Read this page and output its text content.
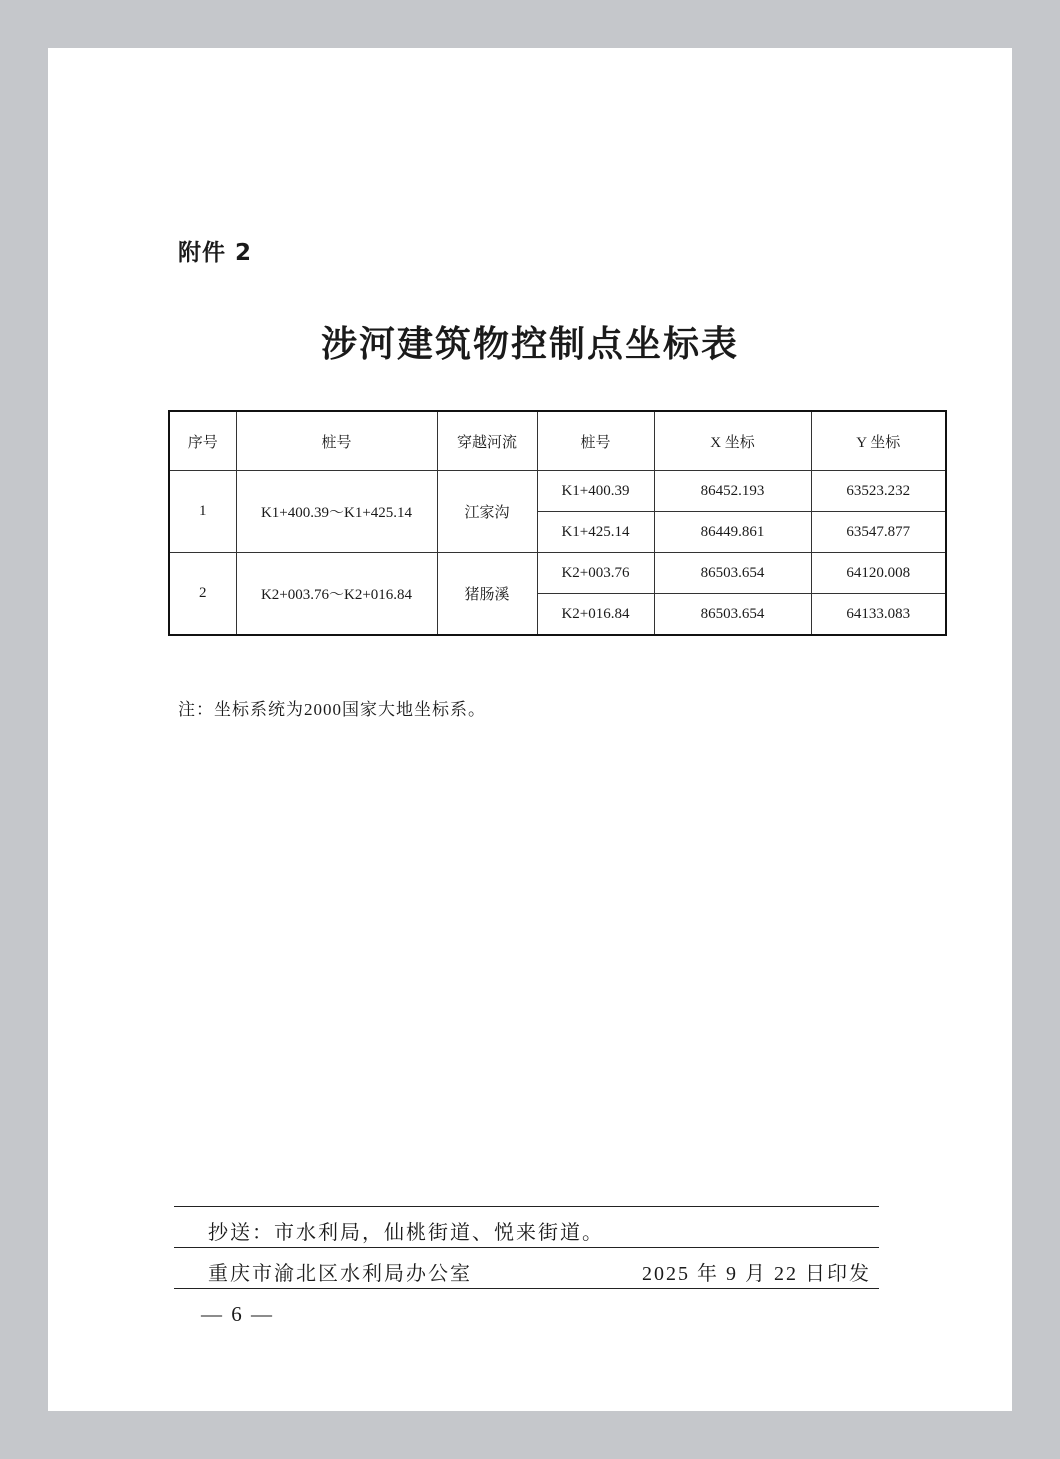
附件 2
涉河建筑物控制点坐标表
序号	桩号	穿越河流	桩号	X 坐标	Y 坐标
1	K1+400.39～K1+425.14	江家沟	K1+400.39	86452.193	63523.232
			K1+425.14	86449.861	63547.877
2	K2+003.76～K2+016.84	猪肠溪	K2+003.76	86503.654	64120.008
			K2+016.84	86503.654	64133.083
注：坐标系统为2000国家大地坐标系。
抄送：市水利局，仙桃街道、悦来街道。
重庆市渝北区水利局办公室	2025 年 9 月 22 日印发
— 6 —
